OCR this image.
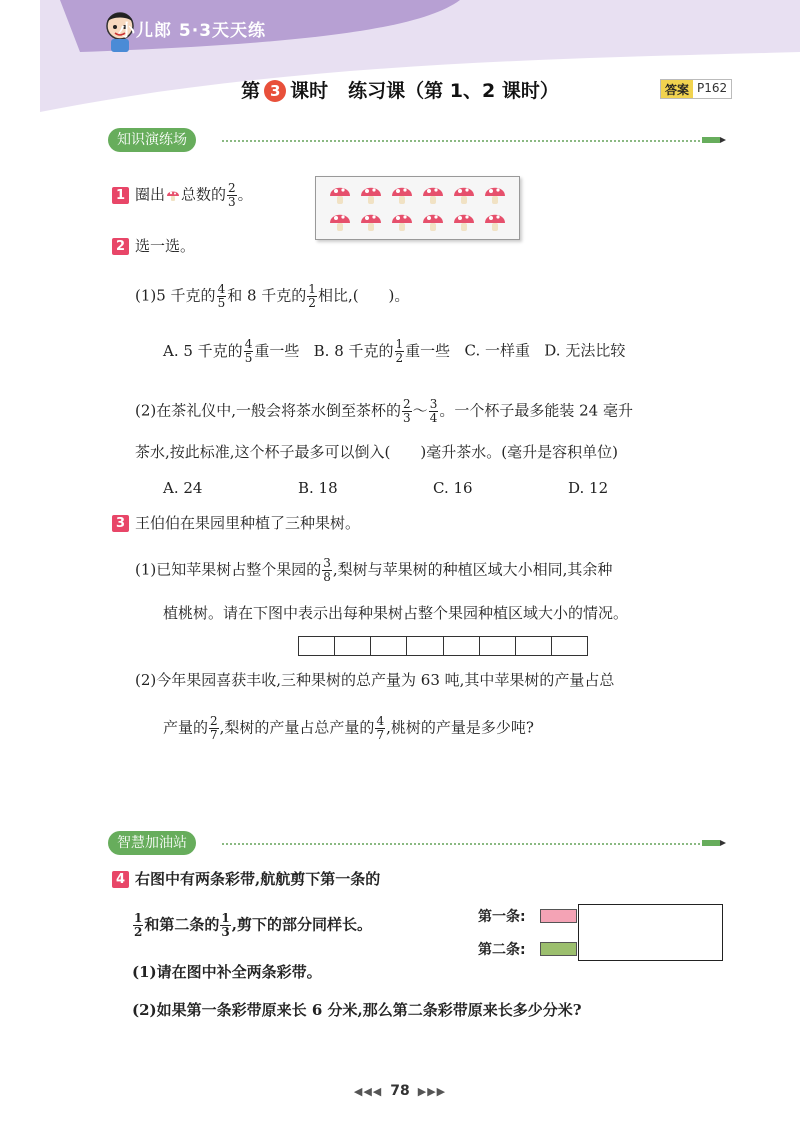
小儿郎 5·3天天练
第 3 课时 练习课（第 1、2 课时）	答案 P162
知识演练场
1 圈出 总数的 $\frac{2}{3}$ 。
2 选一选。
(1)5 千克的 $\frac{4}{5}$ 和 8 千克的 $\frac{1}{2}$ 相比,(　　)。
A. 5 千克的 $\frac{4}{5}$ 重一些 B. 8 千克的 $\frac{1}{2}$ 重一些 C. 一样重 D. 无法比较
(2)在茶礼仪中,一般会将茶水倒至茶杯的 $\frac{2}{3}$ ～ $\frac{3}{4}$ 。一个杯子最多能装 24 毫升
茶水,按此标准,这个杯子最多可以倒入(　　)毫升茶水。(毫升是容积单位)
A. 24	B. 18	C. 16	D. 12
3 王伯伯在果园里种植了三种果树。
(1)已知苹果树占整个果园的 $\frac{3}{8}$ ,梨树与苹果树的种植区域大小相同,其余种
植桃树。请在下图中表示出每种果树占整个果园种植区域大小的情况。
(2)今年果园喜获丰收,三种果树的总产量为 63 吨,其中苹果树的产量占总
产量的 $\frac{2}{7}$ ,梨树的产量占总产量的 $\frac{4}{7}$ ,桃树的产量是多少吨?
智慧加油站
4 右图中有两条彩带,航航剪下第一条的
$\frac{1}{2}$ 和第二条的 $\frac{1}{3}$ ,剪下的部分同样长。	第一条:
第二条:
(1)请在图中补全两条彩带。
(2)如果第一条彩带原来长 6 分米,那么第二条彩带原来长多少分米?
◀◀◀ 78 ▶▶▶
